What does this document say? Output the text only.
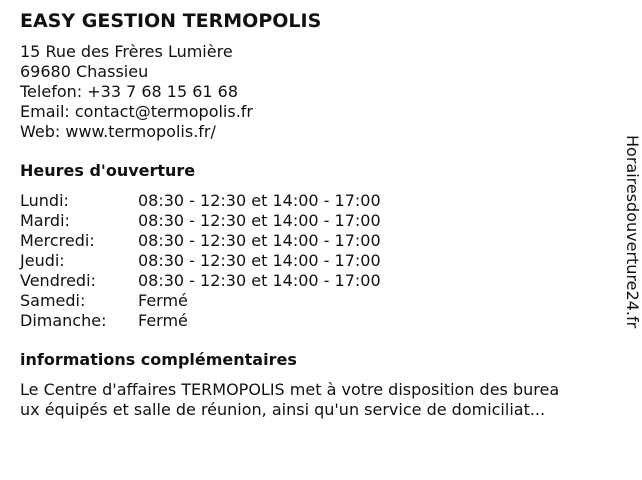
EASY GESTION TERMOPOLIS
15 Rue des Frères Lumière
69680 Chassieu
Telefon: +33 7 68 15 61 68
Email: contact@termopolis.fr
Web: www.termopolis.fr/
Heures d'ouverture
Lundi:	08:30 - 12:30 et 14:00 - 17:00
Mardi:	08:30 - 12:30 et 14:00 - 17:00
Mercredi:	08:30 - 12:30 et 14:00 - 17:00
Jeudi:	08:30 - 12:30 et 14:00 - 17:00
Vendredi:	08:30 - 12:30 et 14:00 - 17:00
Samedi:	Fermé
Dimanche:	Fermé
informations complémentaires
Le Centre d'affaires TERMOPOLIS met à votre disposition des burea
ux équipés et salle de réunion, ainsi qu'un service de domiciliat...
Horairesdouverture24.fr
